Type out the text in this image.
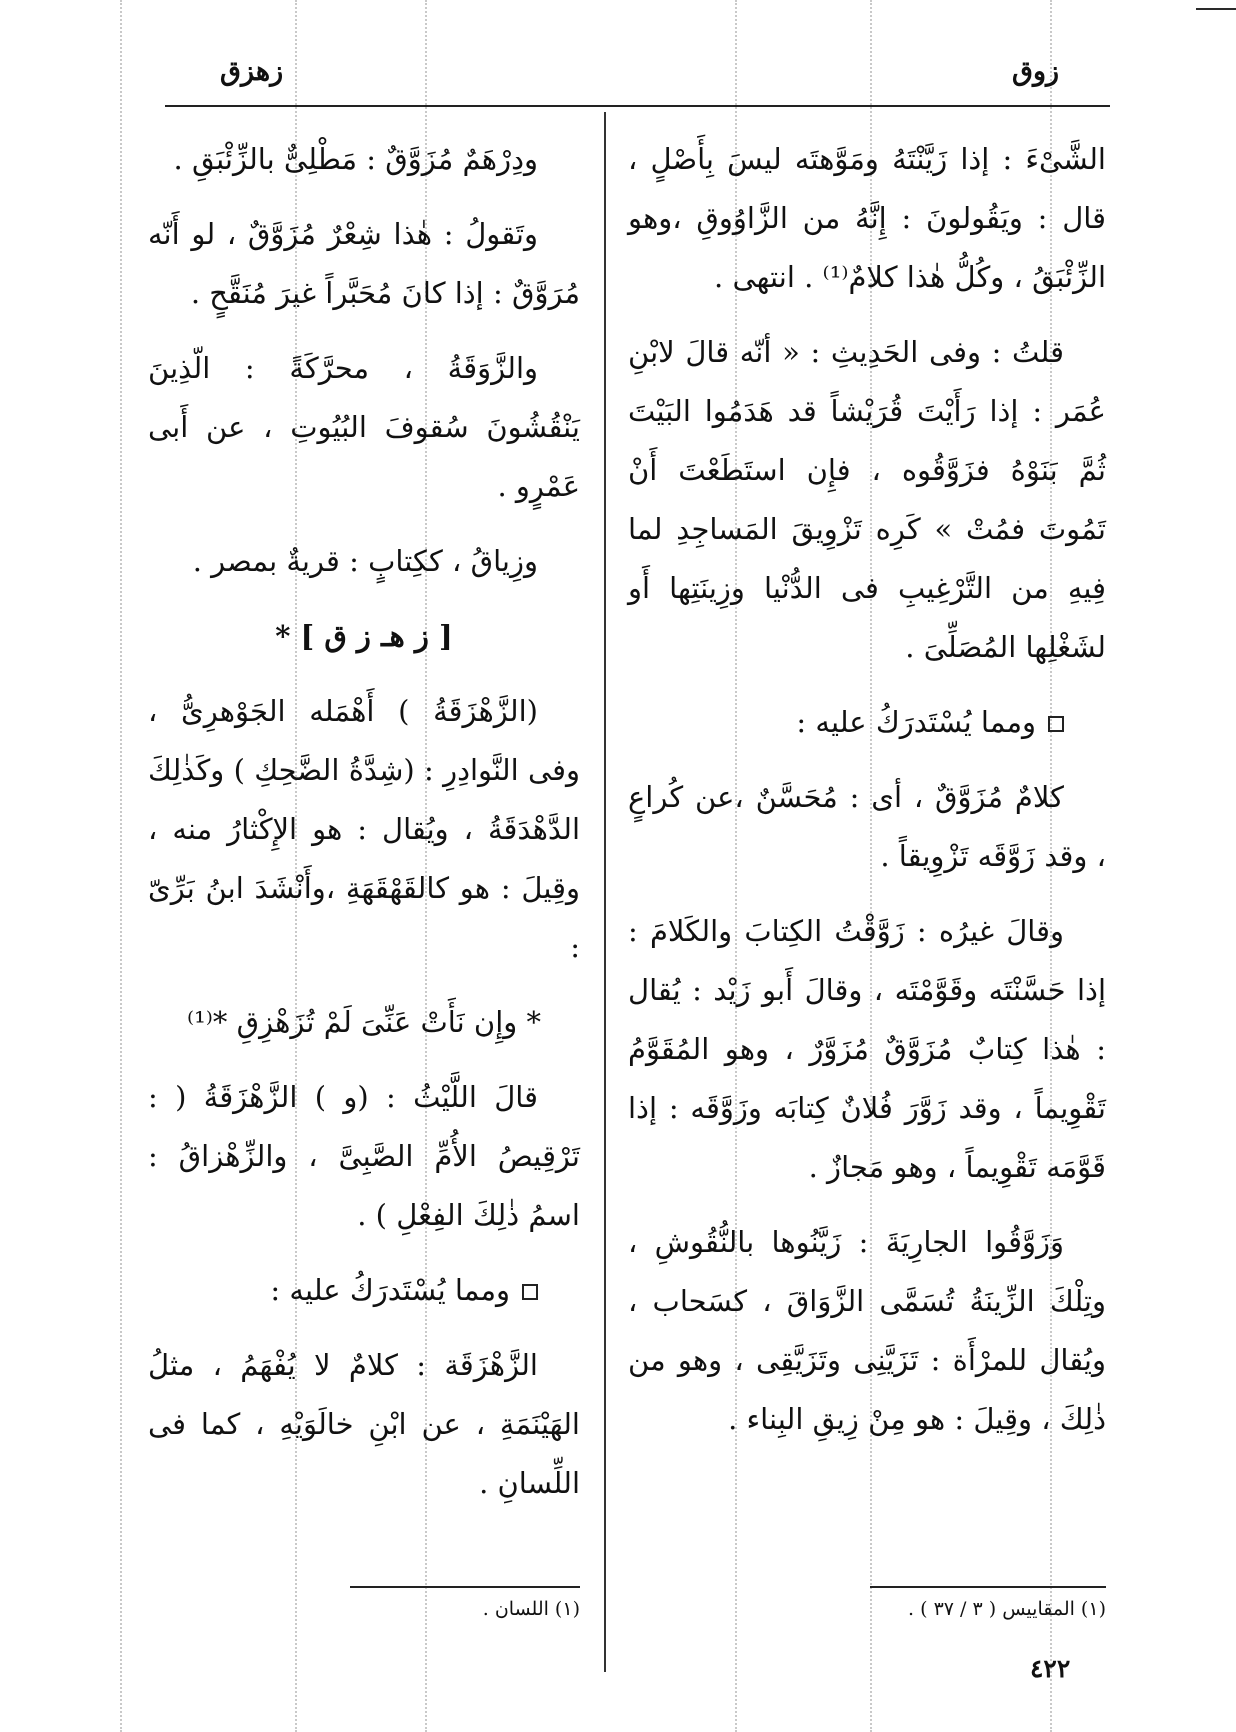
زهزق	زوق

الشَّىْءَ : إذا زَيَّنْتَهُ ومَوَّهتَه ليسَ بِأَصْلٍ ، قال : ويَقُولونَ : إِنَّهُ من الزَّاوُوقِ ،وهو الزِّئْبَقُ ، وكُلُّ هٰذا كلامٌ⁽¹⁾ . انتهى .

قلتُ : وفى الحَدِيثِ : « أنّه قالَ لابْنِ عُمَر : إذا رَأَيْتَ قُرَيْشاً قد هَدَمُوا البَيْتَ ثُمَّ بَنَوْهُ فزَوَّقُوه ، فإِن استَطَعْتَ أَنْ تَمُوتَ فمُتْ » كَرِه تَزْوِيقَ المَساجِدِ لما فِيهِ من التَّرْغِيبِ فى الدُّنْيا وزِينَتِها أَو لشَغْلِها المُصَلِّىَ .

ومما يُسْتَدرَكُ عليه :

كلامٌ مُزَوَّقٌ ، أى : مُحَسَّنٌ ،عن كُراعٍ ، وقد زَوَّقَه تَزْوِيقاً .

وقالَ غيرُه : زَوَّقْتُ الكِتابَ والكَلامَ : إذا حَسَّنْتَه وقَوَّمْتَه ، وقالَ أَبو زَيْد : يُقال : هٰذا كِتابٌ مُزَوَّقٌ مُزَوَّرٌ ، وهو المُقَوَّمُ تَقْوِيماً ، وقد زَوَّرَ فُلانٌ كِتابَه وزَوَّقَه : إذا قَوَّمَه تَقْوِيماً ، وهو مَجازٌ .

وَزَوَّقُوا الجارِيَةَ : زَيَّنُوها بالنُّقُوشِ ، وتِلْكَ الزِّينَةُ تُسَمَّى الزَّوَاقَ ، كسَحاب ، ويُقال للمرْأَة : تَزَيَّنِى وتَزَيَّقِى ، وهو من ذٰلِكَ ، وقِيلَ : هو مِنْ زِيقِ البِناء .

ودِرْهَمٌ مُزَوَّقٌ : مَطْلِىٌّ بالزِّئْبَقِ .

وتَقولُ : هٰذا شِعْرٌ مُزَوَّقٌ ، لو أَنّه مُرَوَّقٌ : إذا كانَ مُحَبَّراً غيرَ مُنَقَّحٍ .

والزَّوَقَةُ ، محرَّكَةً : الّذِينَ يَنْقُشُونَ سُقوفَ البُيُوتِ ، عن أَبى عَمْرٍو .

وزِياقُ ، ككِتابٍ : قريةٌ بمصر .

[ ز هـ ز ق ] *

(الزَّهْزَقَةُ ) أَهْمَله الجَوْهرِىُّ ، وفى النَّوادِرِ : (شِدَّةُ الضَّحِكِ ) وكَذٰلِكَ الدَّهْدَقَةُ ، ويُقال : هو الإِكْثارُ منه ، وقِيلَ : هو كالقَهْقَهَةِ ،وأَنْشَدَ ابنُ بَرِّىّ :

* وإِن نَأَتْ عَنِّىَ لَمْ تُزَهْزِقِ *⁽¹⁾

قالَ اللَّيْثُ : (و ) الزَّهْزَقَةُ ( : تَرْقِيصُ الأُمِّ الصَّبِىَّ ، والزِّهْزاقُ : اسمُ ذٰلِكَ الفِعْلِ ) .

ومما يُسْتَدرَكُ عليه :

الزَّهْزَقَة : كلامٌ لا يُفْهَمُ ، مثلُ الهَيْنَمَةِ ، عن ابْنِ خالَوَيْهِ ، كما فى اللِّسانِ .

(١) اللسان .	(١) المقاييس ( ٣ / ٣٧ ) .
٤٢٢
